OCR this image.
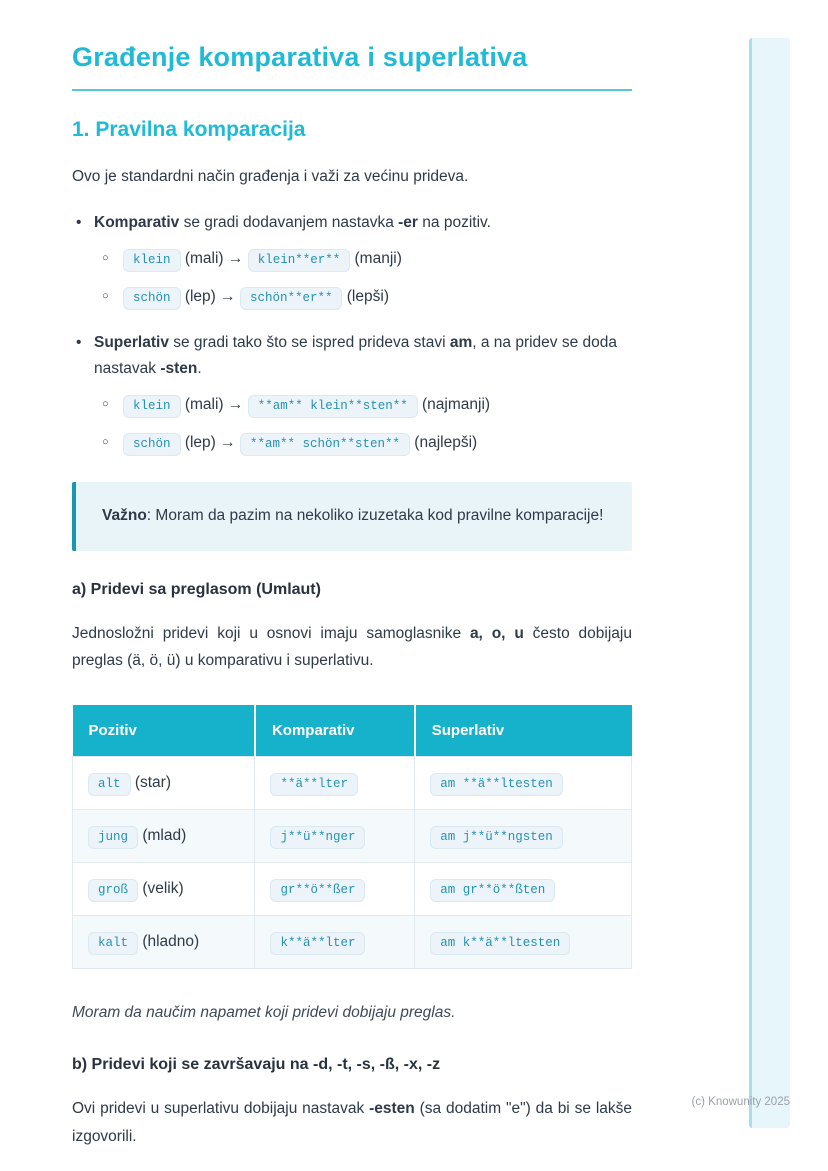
Građenje komparativa i superlativa
1. Pravilna komparacija

Ovo je standardni način građenja i važi za većinu prideva.

• Komparativ se gradi dodavanjem nastavka -er na pozitiv.
○ klein (mali) → klein**er** (manji)
○ schön (lep) → schön**er** (lepši)
• Superlativ se gradi tako što se ispred prideva stavi am, a na pridev se doda nastavak -sten.
○ klein (mali) → **am** klein**sten** (najmanji)
○ schön (lep) → **am** schön**sten** (najlepši)

Važno: Moram da pazim na nekoliko izuzetaka kod pravilne komparacije!

a) Pridevi sa preglasom (Umlaut)

Jednosložni pridevi koji u osnovi imaju samoglasnike a, o, u često dobijaju preglas (ä, ö, ü) u komparativu i superlativu.

Pozitiv	Komparativ	Superlativ
alt (star)	**ä**lter	am **ä**ltesten
jung (mlad)	j**ü**nger	am j**ü**ngsten
groß (velik)	gr**ö**ßer	am gr**ö**ßten
kalt (hladno)	k**ä**lter	am k**ä**ltesten

Moram da naučim napamet koji pridevi dobijaju preglas.

b) Pridevi koji se završavaju na -d, -t, -s, -ß, -x, -z

Ovi pridevi u superlativu dobijaju nastavak -esten (sa dodatim "e") da bi se lakše izgovorili.

(c) Knowunity 2025
